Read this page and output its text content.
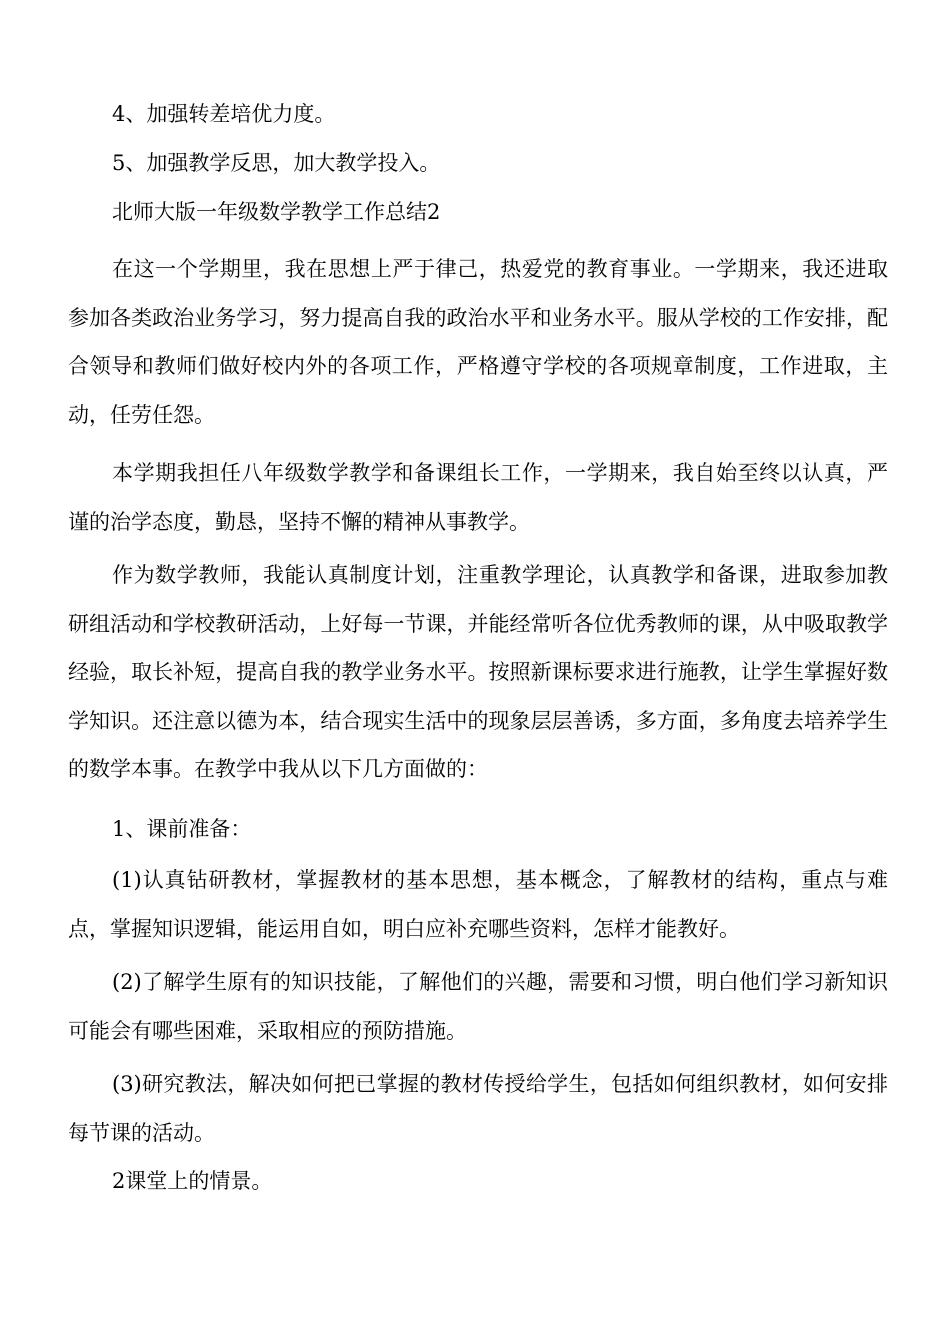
4、加强转差培优力度。

5、加强教学反思，加大教学投入。

北师大版一年级数学教学工作总结2

在这一个学期里，我在思想上严于律己，热爱党的教育事业。一学期来，我还进取参加各类政治业务学习，努力提高自我的政治水平和业务水平。服从学校的工作安排，配合领导和教师们做好校内外的各项工作，严格遵守学校的各项规章制度，工作进取，主动，任劳任怨。

本学期我担任八年级数学教学和备课组长工作，一学期来，我自始至终以认真，严谨的治学态度，勤恳，坚持不懈的精神从事教学。

作为数学教师，我能认真制度计划，注重教学理论，认真教学和备课，进取参加教研组活动和学校教研活动，上好每一节课，并能经常听各位优秀教师的课，从中吸取教学经验，取长补短，提高自我的教学业务水平。按照新课标要求进行施教，让学生掌握好数学知识。还注意以德为本，结合现实生活中的现象层层善诱，多方面，多角度去培养学生的数学本事。在教学中我从以下几方面做的：

1、课前准备：

(1)认真钻研教材，掌握教材的基本思想，基本概念，了解教材的结构，重点与难点，掌握知识逻辑，能运用自如，明白应补充哪些资料，怎样才能教好。

(2)了解学生原有的知识技能，了解他们的兴趣，需要和习惯，明白他们学习新知识可能会有哪些困难，采取相应的预防措施。

(3)研究教法，解决如何把已掌握的教材传授给学生，包括如何组织教材，如何安排每节课的活动。

2课堂上的情景。
